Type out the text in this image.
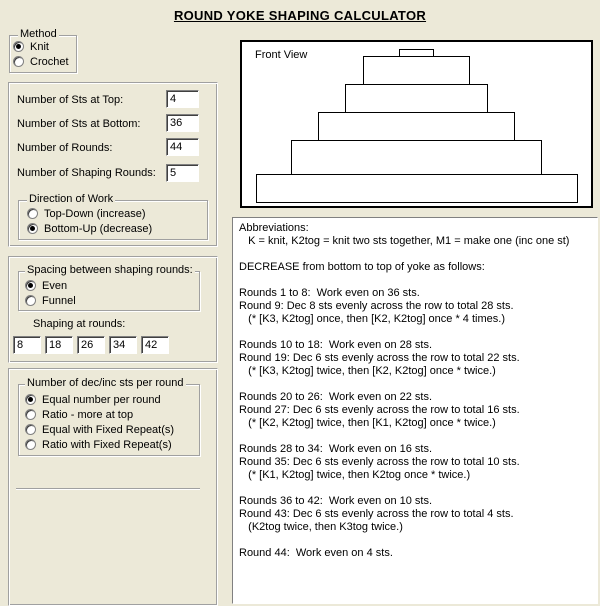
ROUND YOKE SHAPING CALCULATOR
Method
Knit
Crochet
Number of Sts at Top:	4
Number of Sts at Bottom:	36
Number of Rounds:	44
Number of Shaping Rounds:	5
Direction of Work
Top-Down (increase)
Bottom-Up (decrease)
Spacing between shaping rounds:
Even
Funnel
Shaping at rounds:
8	18	26	34	42
Number of dec/inc sts per round
Equal number per round
Ratio - more at top
Equal with Fixed Repeat(s)
Ratio with Fixed Repeat(s)
Front View
Abbreviations:
K = knit, K2tog = knit two sts together, M1 = make one (inc one st)

DECREASE from bottom to top of yoke as follows:

Rounds 1 to 8:  Work even on 36 sts.
Round 9: Dec 8 sts evenly across the row to total 28 sts.
(* [K3, K2tog] once, then [K2, K2tog] once * 4 times.)

Rounds 10 to 18:  Work even on 28 sts.
Round 19: Dec 6 sts evenly across the row to total 22 sts.
(* [K3, K2tog] twice, then [K2, K2tog] once * twice.)

Rounds 20 to 26:  Work even on 22 sts.
Round 27: Dec 6 sts evenly across the row to total 16 sts.
(* [K2, K2tog] twice, then [K1, K2tog] once * twice.)

Rounds 28 to 34:  Work even on 16 sts.
Round 35: Dec 6 sts evenly across the row to total 10 sts.
(* [K1, K2tog] twice, then K2tog once * twice.)

Rounds 36 to 42:  Work even on 10 sts.
Round 43: Dec 6 sts evenly across the row to total 4 sts.
(K2tog twice, then K3tog twice.)

Round 44:  Work even on 4 sts.
